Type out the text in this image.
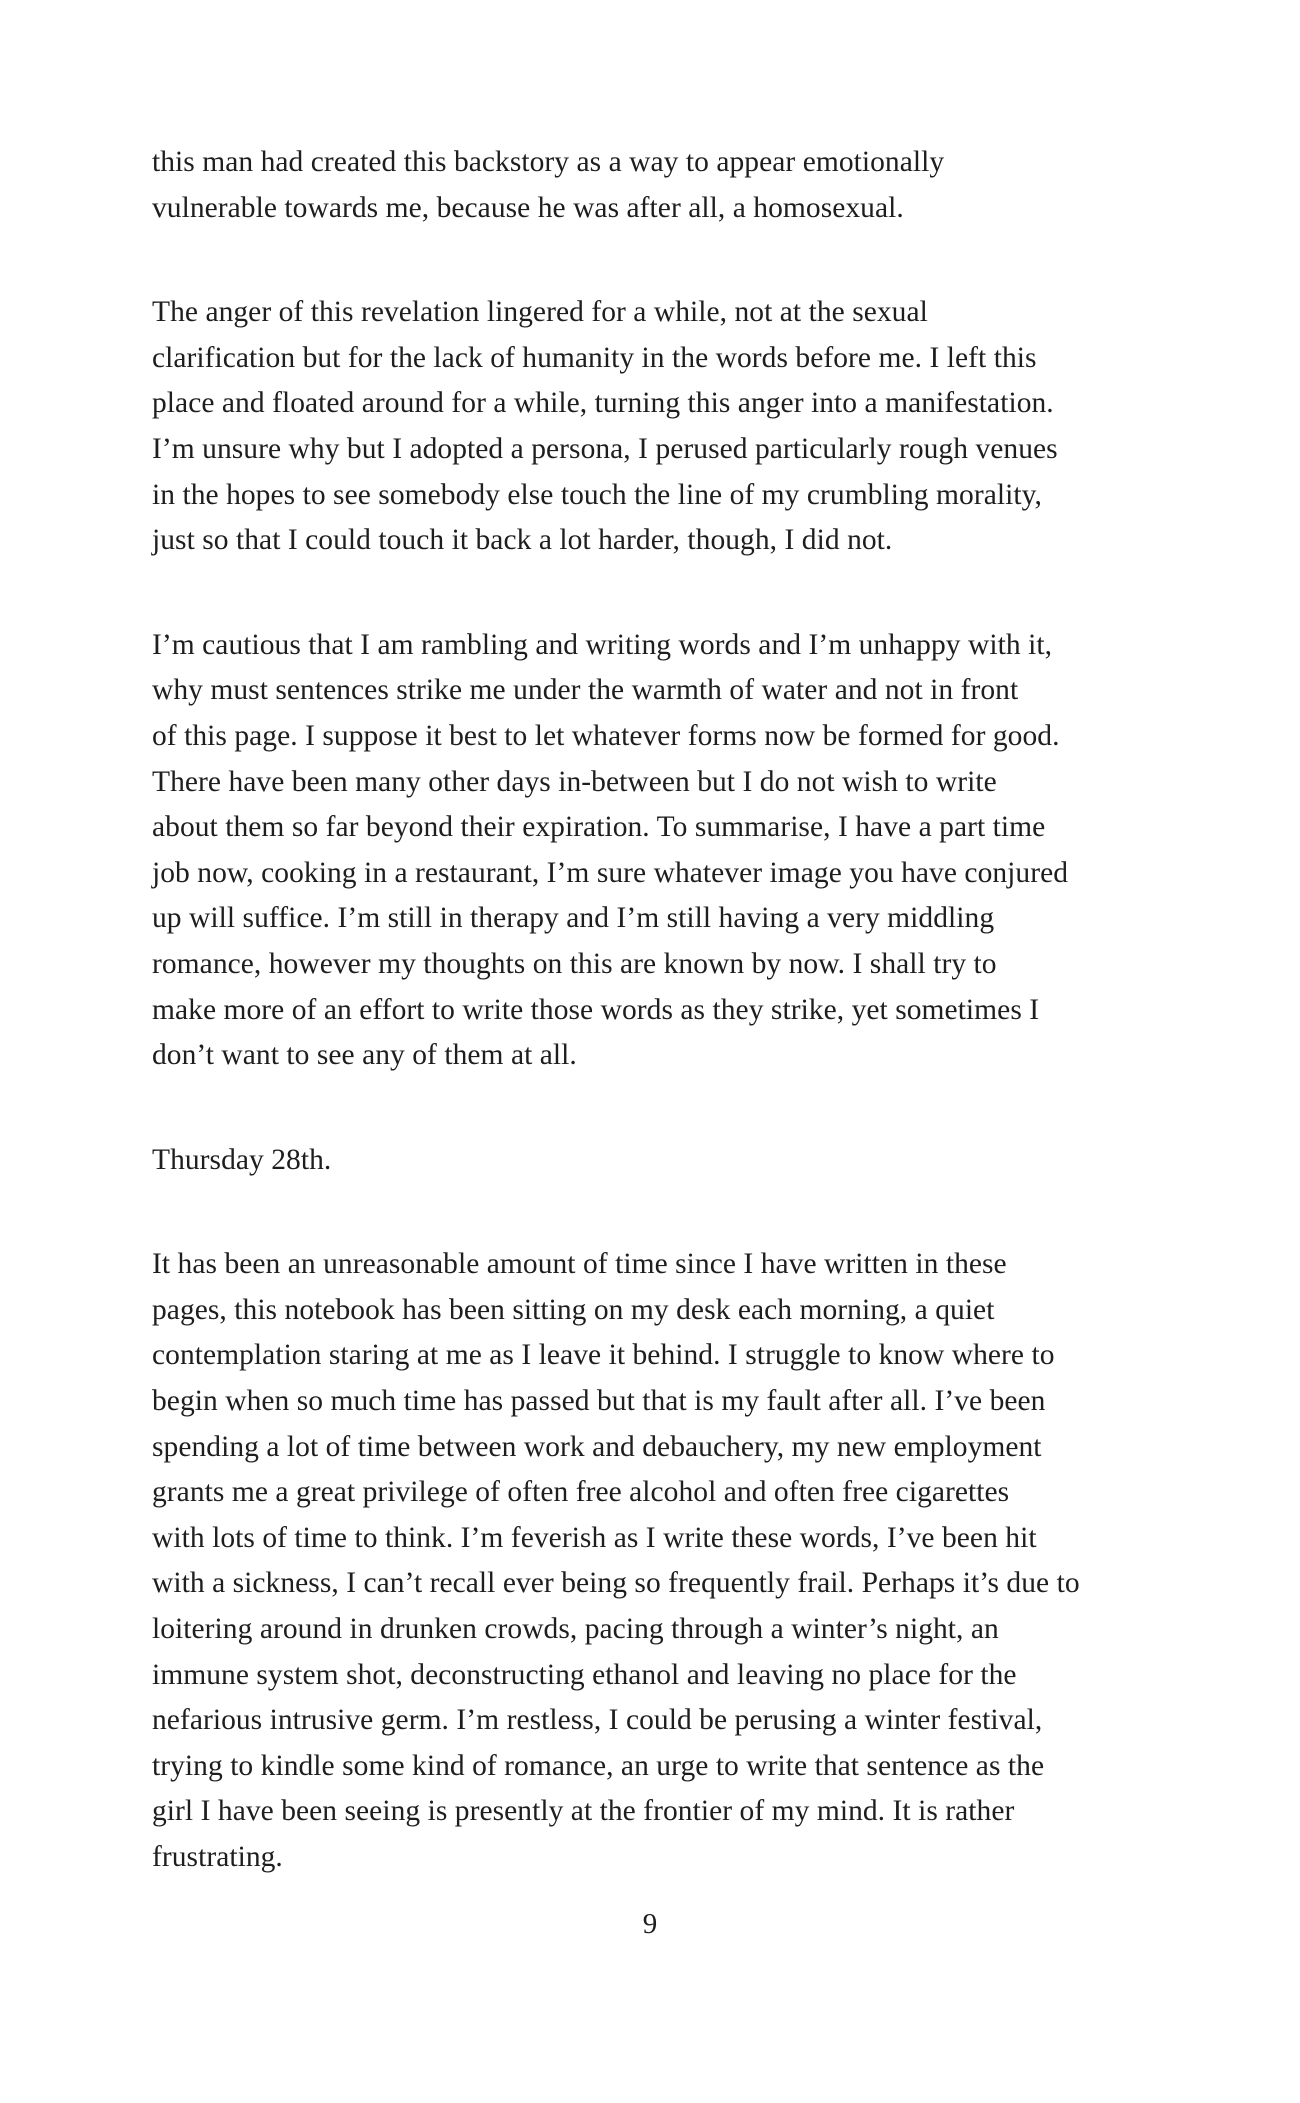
this man had created this backstory as a way to appear emotionally
vulnerable towards me, because he was after all, a homosexual.

The anger of this revelation lingered for a while, not at the sexual
clarification but for the lack of humanity in the words before me. I left this
place and floated around for a while, turning this anger into a manifestation.
I’m unsure why but I adopted a persona, I perused particularly rough venues
in the hopes to see somebody else touch the line of my crumbling morality,
just so that I could touch it back a lot harder, though, I did not.

I’m cautious that I am rambling and writing words and I’m unhappy with it,
why must sentences strike me under the warmth of water and not in front
of this page. I suppose it best to let whatever forms now be formed for good.
There have been many other days in-between but I do not wish to write
about them so far beyond their expiration. To summarise, I have a part time
job now, cooking in a restaurant, I’m sure whatever image you have conjured
up will suffice. I’m still in therapy and I’m still having a very middling
romance, however my thoughts on this are known by now. I shall try to
make more of an effort to write those words as they strike, yet sometimes I
don’t want to see any of them at all.

Thursday 28th.

It has been an unreasonable amount of time since I have written in these
pages, this notebook has been sitting on my desk each morning, a quiet
contemplation staring at me as I leave it behind. I struggle to know where to
begin when so much time has passed but that is my fault after all. I’ve been
spending a lot of time between work and debauchery, my new employment
grants me a great privilege of often free alcohol and often free cigarettes
with lots of time to think. I’m feverish as I write these words, I’ve been hit
with a sickness, I can’t recall ever being so frequently frail. Perhaps it’s due to
loitering around in drunken crowds, pacing through a winter’s night, an
immune system shot, deconstructing ethanol and leaving no place for the
nefarious intrusive germ. I’m restless, I could be perusing a winter festival,
trying to kindle some kind of romance, an urge to write that sentence as the
girl I have been seeing is presently at the frontier of my mind. It is rather
frustrating.

9
